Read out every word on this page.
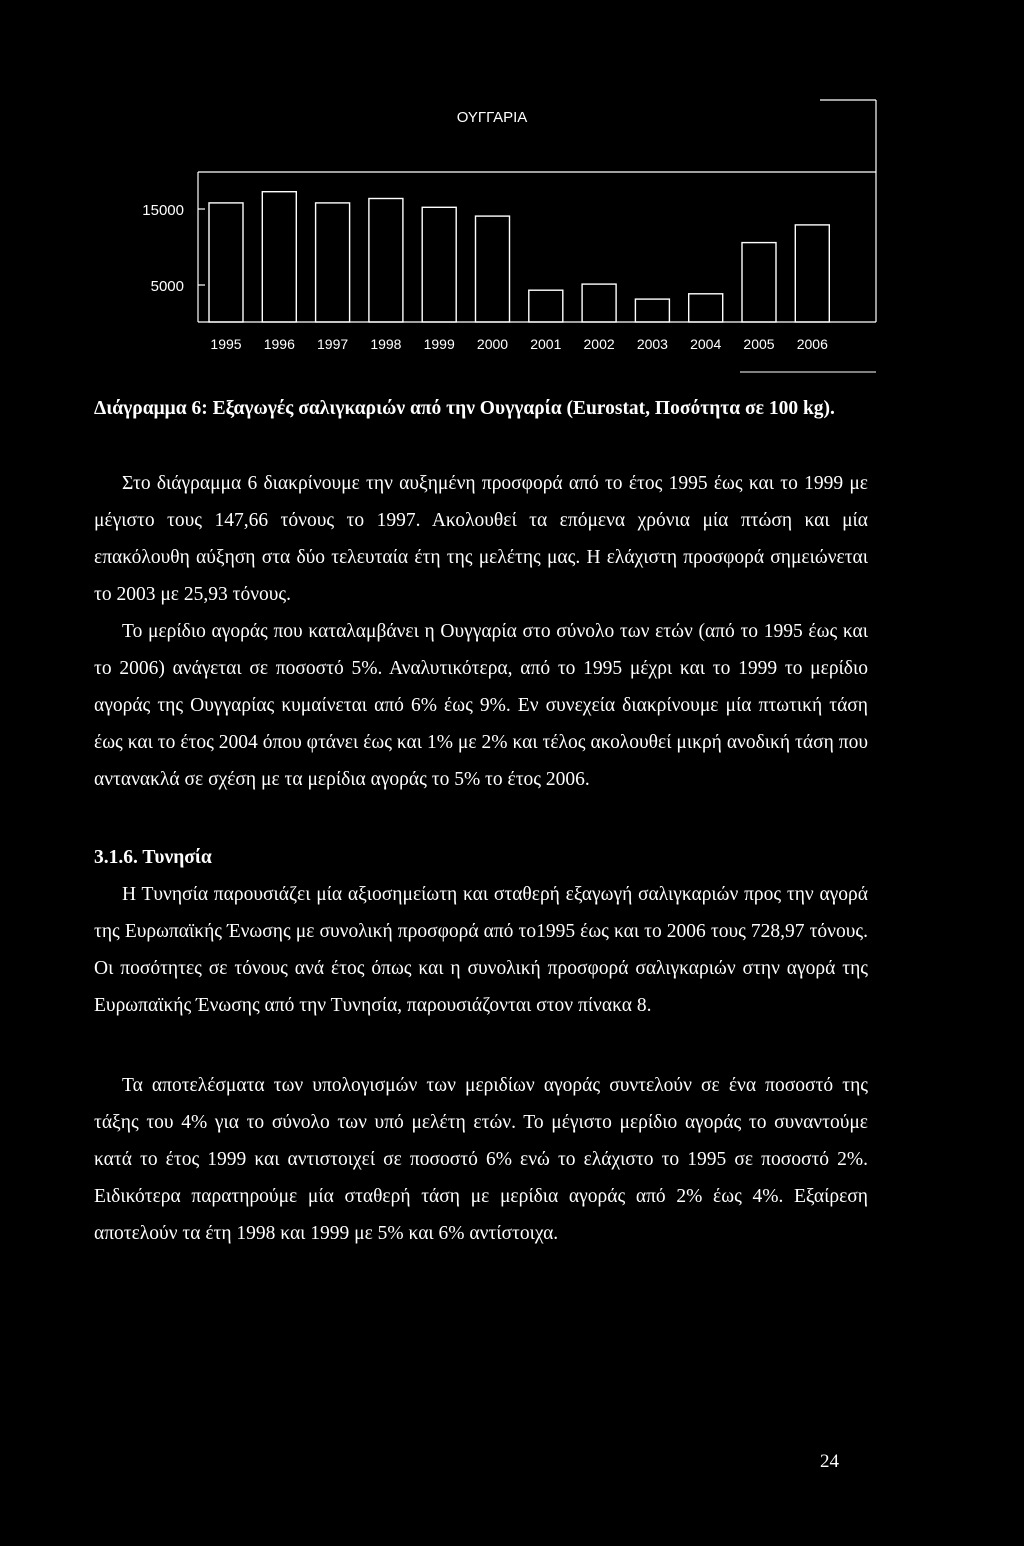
ΟΥΓΓΑΡΙΑ
15000
5000
1995 1996 1997 1998 1999 2000 2001 2002 2003 2004 2005 2006

Διάγραμμα 6: Εξαγωγές σαλιγκαριών από την Ουγγαρία (Eurostat, Ποσότητα σε 100 kg).

Στο διάγραμμα 6 διακρίνουμε την αυξημένη προσφορά από το έτος 1995 έως και το 1999 με μέγιστο τους 147,66 τόνους το 1997. Ακολουθεί τα επόμενα χρόνια μία πτώση και μία επακόλουθη αύξηση στα δύο τελευταία έτη της μελέτης μας. Η ελάχιστη προσφορά σημειώνεται το 2003 με 25,93 τόνους.

Το μερίδιο αγοράς που καταλαμβάνει η Ουγγαρία στο σύνολο των ετών (από το 1995 έως και το 2006) ανάγεται σε ποσοστό 5%. Αναλυτικότερα, από το 1995 μέχρι και το 1999 το μερίδιο αγοράς της Ουγγαρίας κυμαίνεται από 6% έως 9%. Εν συνεχεία διακρίνουμε μία πτωτική τάση έως και το έτος 2004 όπου φτάνει έως και 1% με 2% και τέλος ακολουθεί μικρή ανοδική τάση που αντανακλά σε σχέση με τα μερίδια αγοράς το 5% το έτος 2006.

3.1.6. Τυνησία

Η Τυνησία παρουσιάζει μία αξιοσημείωτη και σταθερή εξαγωγή σαλιγκαριών προς την αγορά της Ευρωπαϊκής Ένωσης με συνολική προσφορά από το1995 έως και το 2006 τους 728,97 τόνους. Οι ποσότητες σε τόνους ανά έτος όπως και η συνολική προσφορά σαλιγκαριών στην αγορά της Ευρωπαϊκής Ένωσης από την Τυνησία, παρουσιάζονται στον πίνακα 8.

Τα αποτελέσματα των υπολογισμών των μεριδίων αγοράς συντελούν σε ένα ποσοστό της τάξης του 4% για το σύνολο των υπό μελέτη ετών. Το μέγιστο μερίδιο αγοράς το συναντούμε κατά το έτος 1999 και αντιστοιχεί σε ποσοστό 6% ενώ το ελάχιστο το 1995 σε ποσοστό 2%. Ειδικότερα παρατηρούμε μία σταθερή τάση με μερίδια αγοράς από 2% έως 4%. Εξαίρεση αποτελούν τα έτη 1998 και 1999 με 5% και 6% αντίστοιχα.

24
